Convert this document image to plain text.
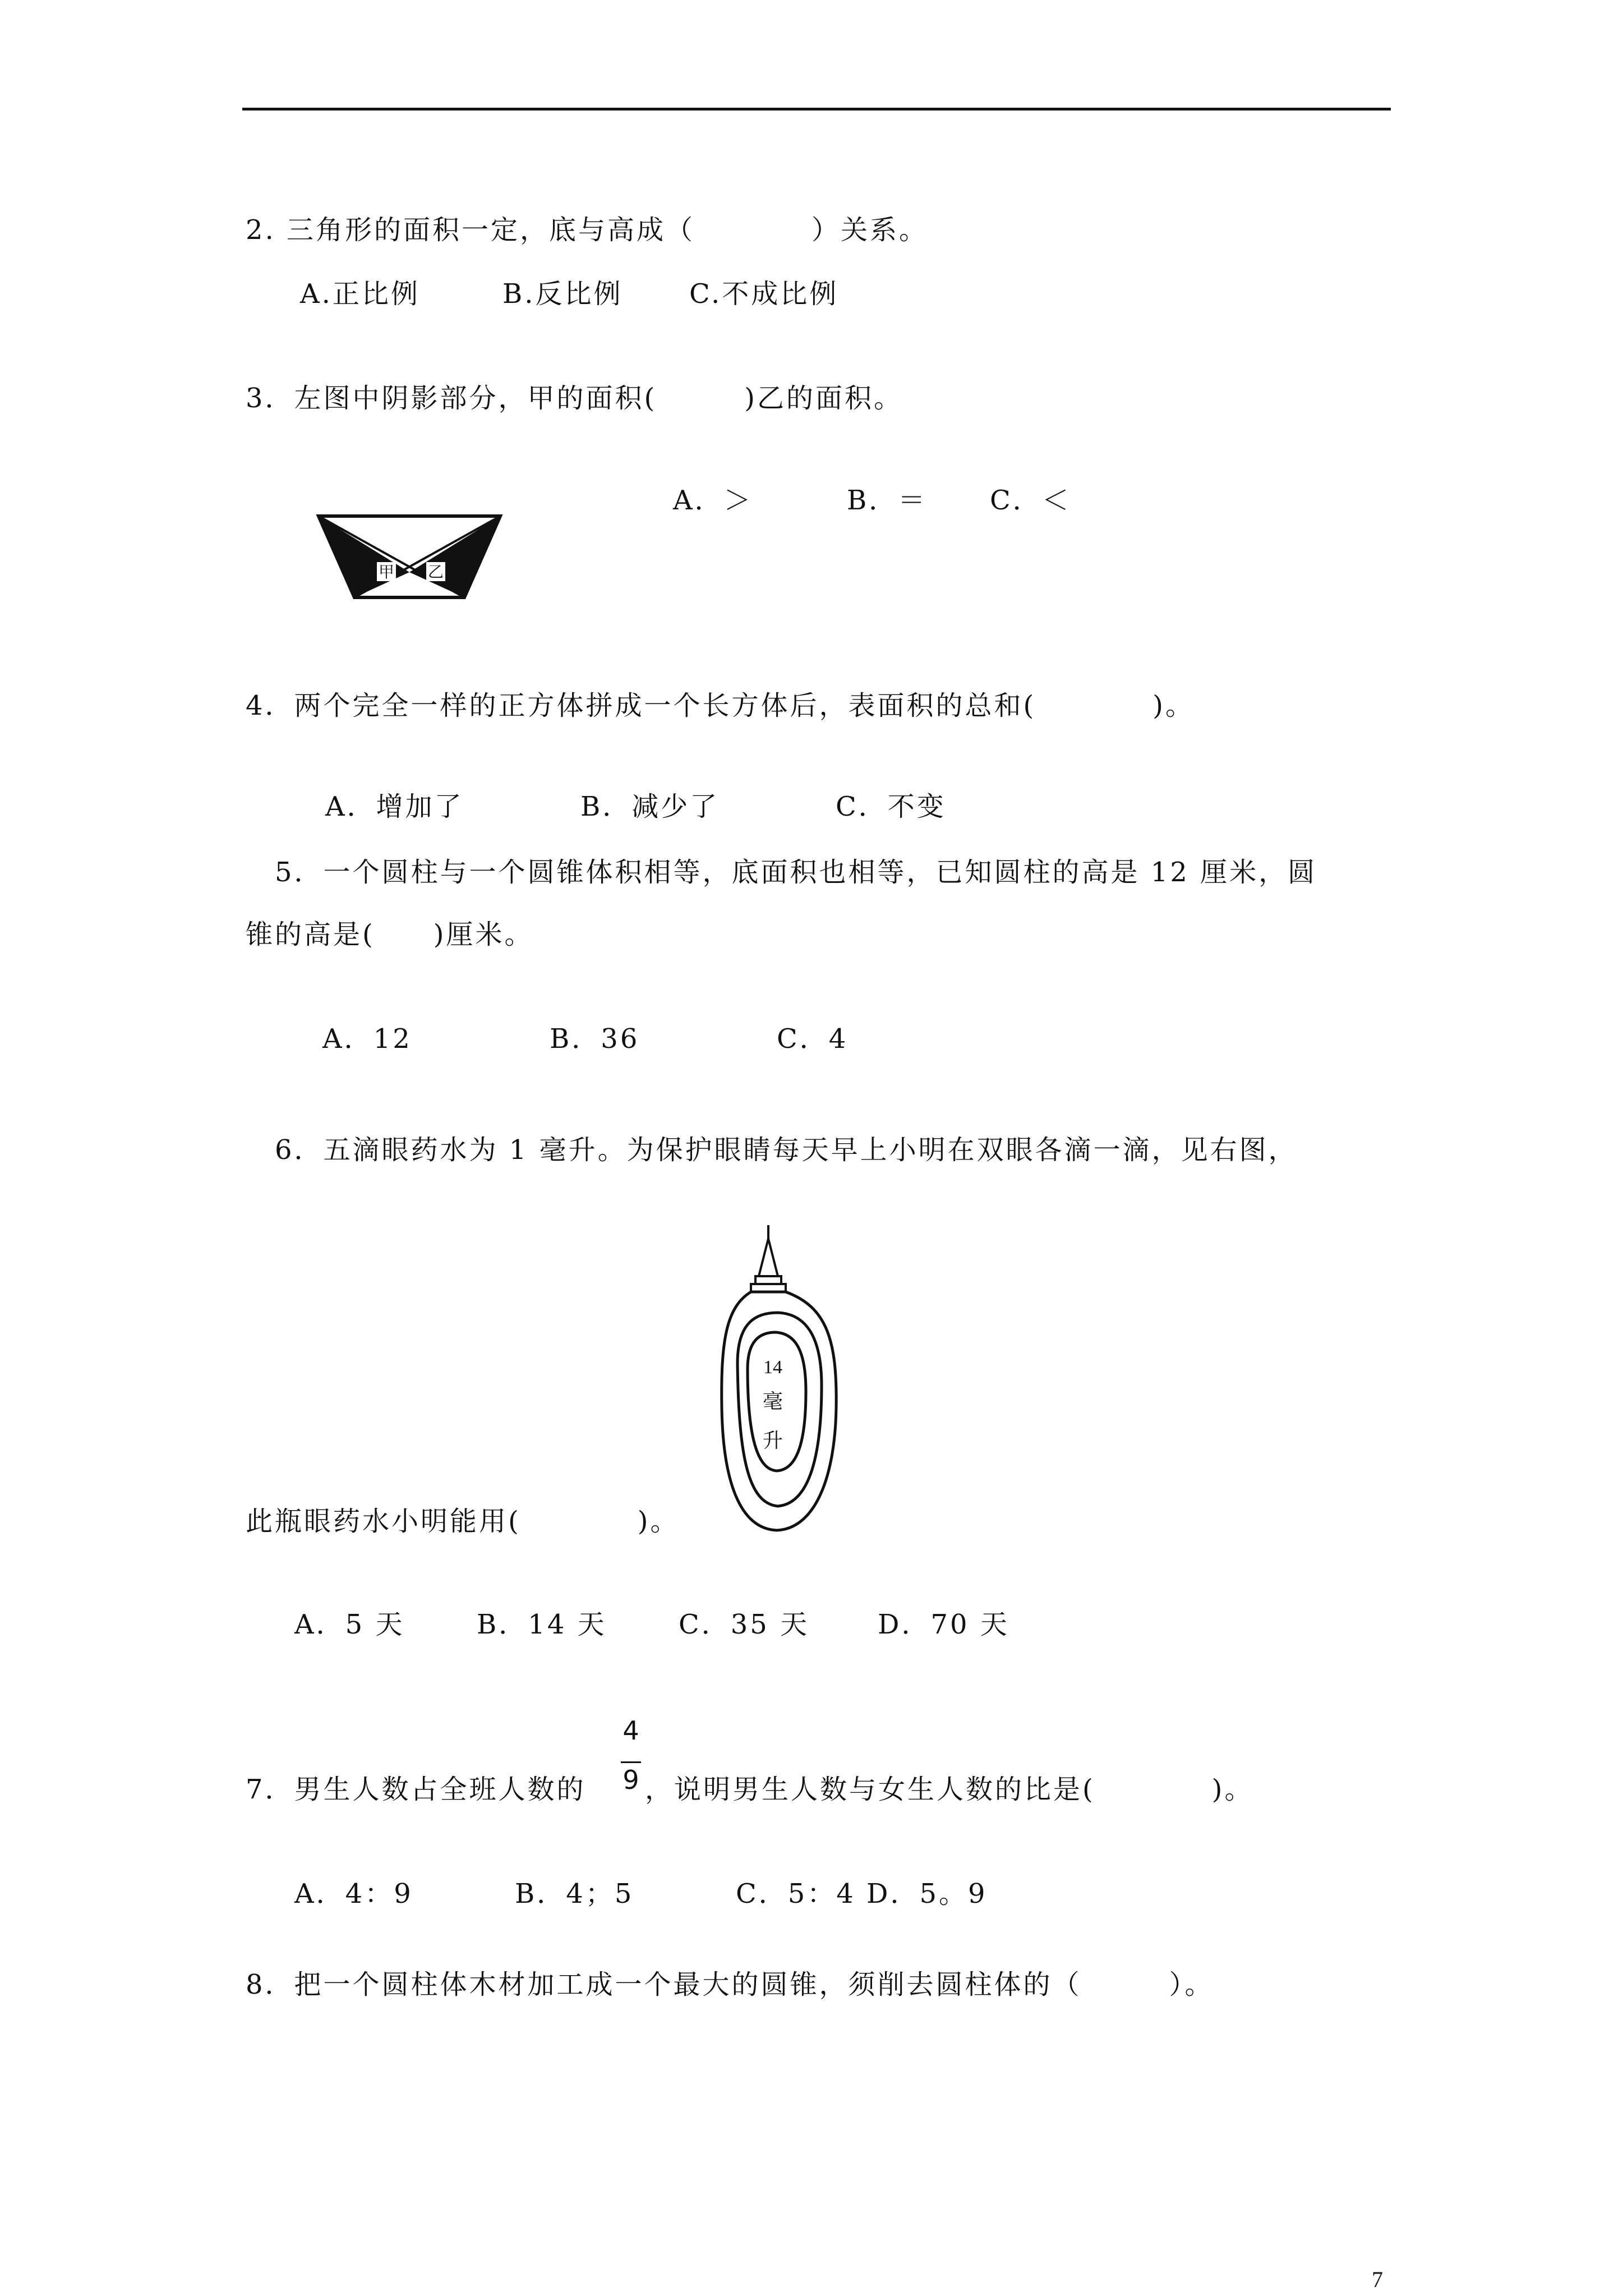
2. 三角形的面积一定，底与高成（　　　　）关系。
A.正比例	B.反比例 C.不成比例
3．左图中阴影部分，甲的面积(　　　)乙的面积。
甲 乙
A．＞	B．＝ C．＜
4．两个完全一样的正方体拼成一个长方体后，表面积的总和(　　　　)。
A．增加了	B．减少了	C．不变
5．一个圆柱与一个圆锥体积相等，底面积也相等，已知圆柱的高是 12 厘米，圆
锥的高是(　　)厘米。
A．12	B．36	C．4
6．五滴眼药水为 1 毫升。为保护眼睛每天早上小明在双眼各滴一滴，见右图，
14
毫
升
此瓶眼药水小明能用(　　　　)。
A．5 天	B．14 天	C．35 天	D．70 天
7．男生人数占全班人数的
4
9 ，说明男生人数与女生人数的比是(　　　　)。
A．4：9	B．4；5	C．5：4 D．5。9
8．把一个圆柱体木材加工成一个最大的圆锥，须削去圆柱体的（　　　）。
7
